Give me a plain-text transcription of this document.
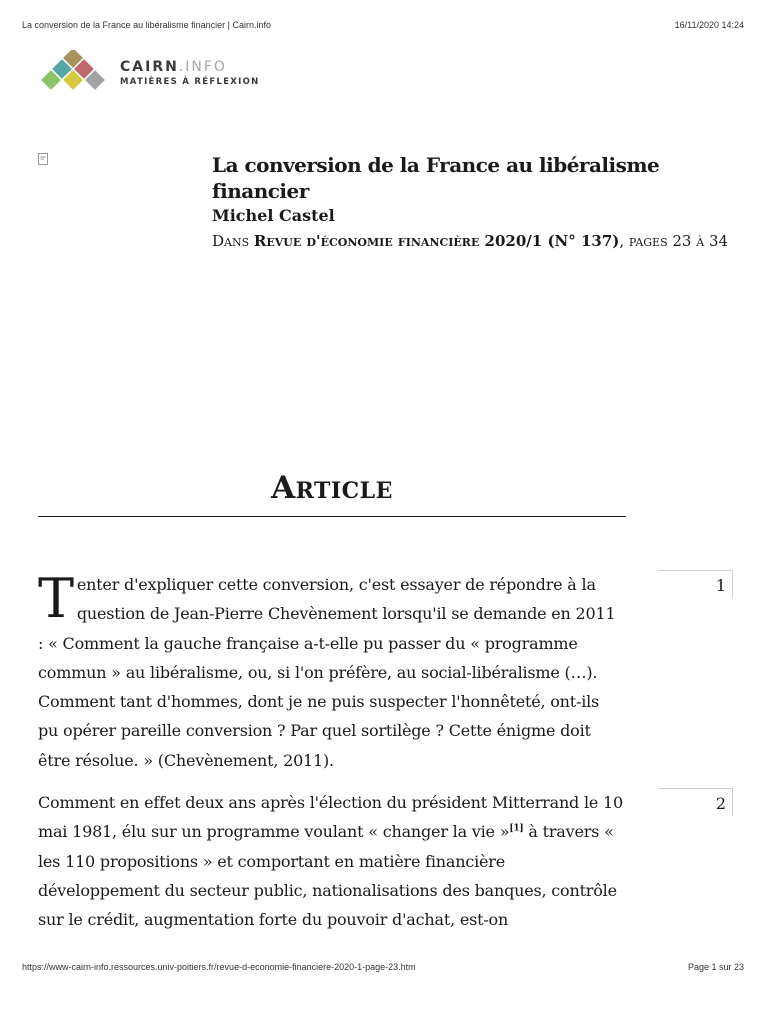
La conversion de la France au libéralisme financier | Cairn.info	16/11/2020 14:24
CAIRN.INFO
MATIÈRES À RÉFLEXION
La conversion de la France au libéralisme financier

Michel Castel

Dans Revue d'économie financière 2020/1 (N° 137), pages 23 à 34

Article

Tenter d'expliquer cette conversion, c'est essayer de répondre à la question de Jean-Pierre Chevènement lorsqu'il se demande en 2011 : « Comment la gauche française a-t-elle pu passer du « programme commun » au libéralisme, ou, si l'on préfère, au social-libéralisme (…). Comment tant d'hommes, dont je ne puis suspecter l'honnêteté, ont-ils pu opérer pareille conversion ? Par quel sortilège ? Cette énigme doit être résolue. » (Chevènement, 2011).

1

Comment en effet deux ans après l'élection du président Mitterrand le 10 mai 1981, élu sur un programme voulant « changer la vie »[1] à travers « les 110 propositions » et comportant en matière financière développement du secteur public, nationalisations des banques, contrôle sur le crédit, augmentation forte du pouvoir d'achat, est-on

2
https://www-cairn-info.ressources.univ-poitiers.fr/revue-d-economie-financiere-2020-1-page-23.htm	Page 1 sur 23
